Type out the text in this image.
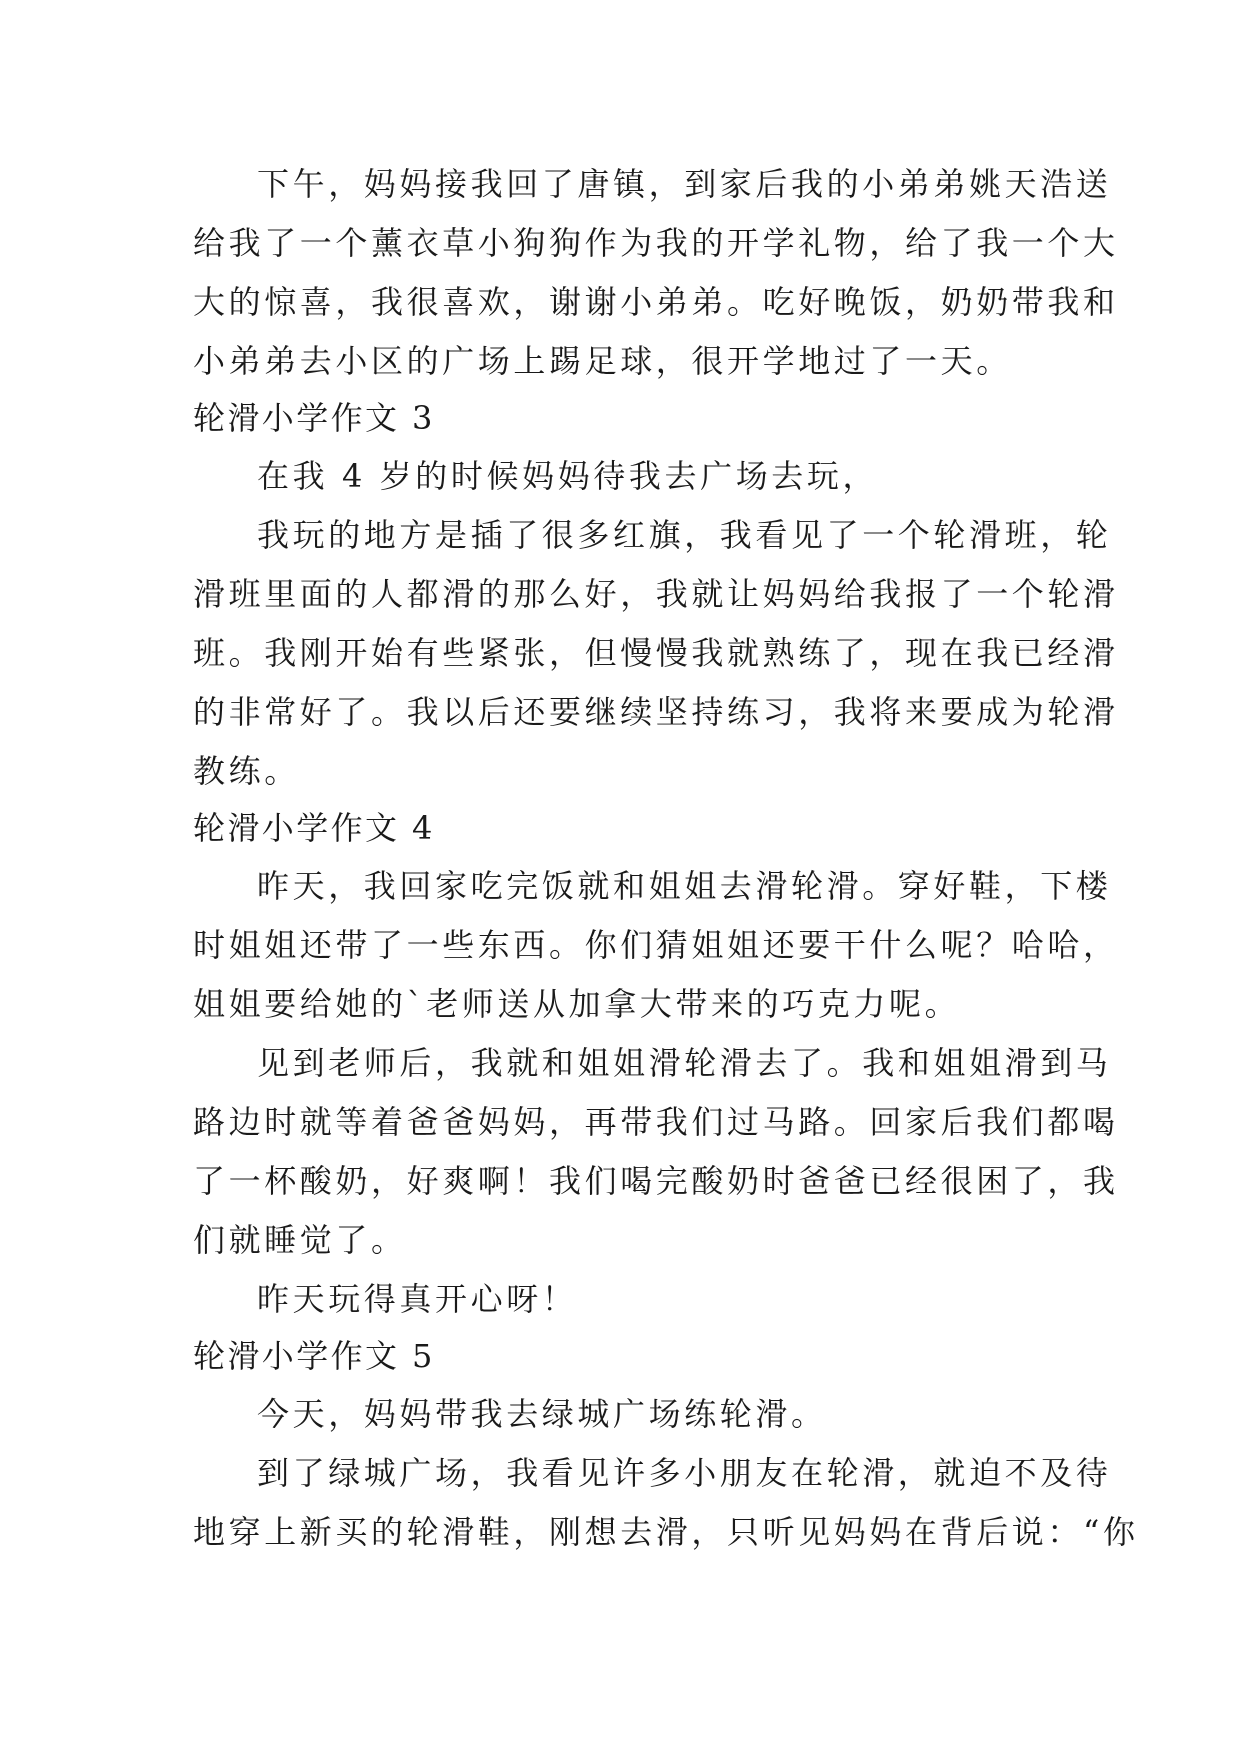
下午，妈妈接我回了唐镇，到家后我的小弟弟姚天浩送
给我了一个薰衣草小狗狗作为我的开学礼物，给了我一个大
大的惊喜，我很喜欢，谢谢小弟弟。吃好晚饭，奶奶带我和
小弟弟去小区的广场上踢足球，很开学地过了一天。
轮滑小学作文 3
在我 4 岁的时候妈妈待我去广场去玩，
我玩的地方是插了很多红旗，我看见了一个轮滑班，轮
滑班里面的人都滑的那么好，我就让妈妈给我报了一个轮滑
班。我刚开始有些紧张，但慢慢我就熟练了，现在我已经滑
的非常好了。我以后还要继续坚持练习，我将来要成为轮滑
教练。
轮滑小学作文 4
昨天，我回家吃完饭就和姐姐去滑轮滑。穿好鞋，下楼
时姐姐还带了一些东西。你们猜姐姐还要干什么呢？哈哈，
姐姐要给她的`老师送从加拿大带来的巧克力呢。
见到老师后，我就和姐姐滑轮滑去了。我和姐姐滑到马
路边时就等着爸爸妈妈，再带我们过马路。回家后我们都喝
了一杯酸奶，好爽啊！我们喝完酸奶时爸爸已经很困了，我
们就睡觉了。
昨天玩得真开心呀！
轮滑小学作文 5
今天，妈妈带我去绿城广场练轮滑。
到了绿城广场，我看见许多小朋友在轮滑，就迫不及待
地穿上新买的轮滑鞋，刚想去滑，只听见妈妈在背后说：“你
